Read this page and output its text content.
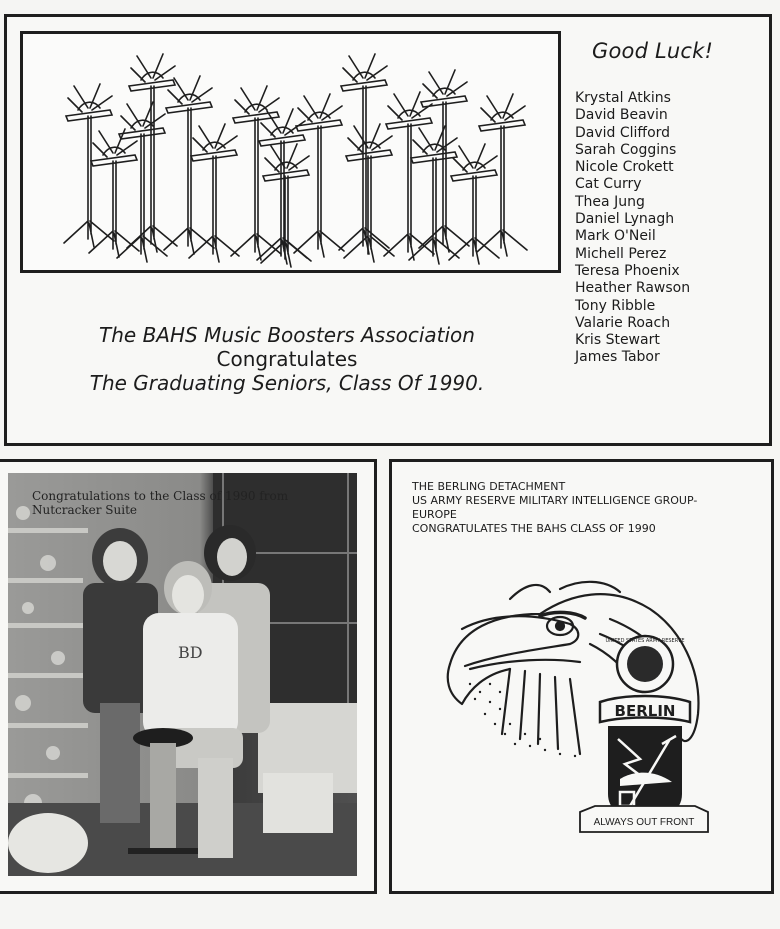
Good Luck!
Krystal Atkins
David Beavin
David Clifford
Sarah Coggins
Nicole Crokett
Cat Curry
Thea Jung
Daniel Lynagh
Mark O'Neil
Michell Perez
Teresa Phoenix
Heather Rawson
Tony Ribble
Valarie Roach
Kris Stewart
James Tabor
The BAHS Music Boosters Association
Congratulates
The Graduating Seniors, Class Of 1990.
BD
Congratulations to the Class of 1990 from Nutcracker Suite
THE BERLING DETACHMENT
US ARMY RESERVE MILITARY INTELLIGENCE GROUP-
EUROPE
CONGRATULATES THE BAHS CLASS OF 1990
UNITED STATES ARMY RESERVE
BERLIN
ALWAYS OUT FRONT
